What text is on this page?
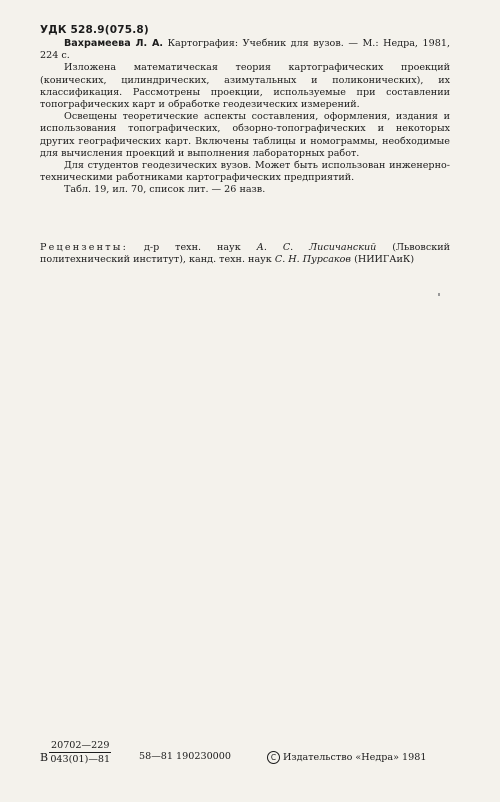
УДК 528.9(075.8)

Вахрамеева Л. А. Картография: Учебник для вузов. — М.: Недра, 1981, 224 с.

Изложена математическая теория картографических проекций (конических, цилиндрических, азимутальных и поликонических), их классификация. Рассмотрены проекции, используемые при составлении топографических карт и обработке геодезических измерений.

Освещены теоретические аспекты составления, оформления, издания и использования топографических, обзорно-топографических и некоторых других географических карт. Включены таблицы и номограммы, необходимые для вычисления проекций и выполнения лабораторных работ.

Для студентов геодезических вузов. Может быть использован инженерно-техническими работниками картографических предприятий.

Табл. 19, ил. 70, список лит. — 26 назв.

Рецензенты: д-р техн. наук А. С. Лисичанский (Львовский политехнический институт), канд. техн. наук С. Н. Пурсаков (НИИГАиК)
В $\frac{20702—229}{043(01)—81}$	58—81 190230000	C Издательство «Недра» 1981
